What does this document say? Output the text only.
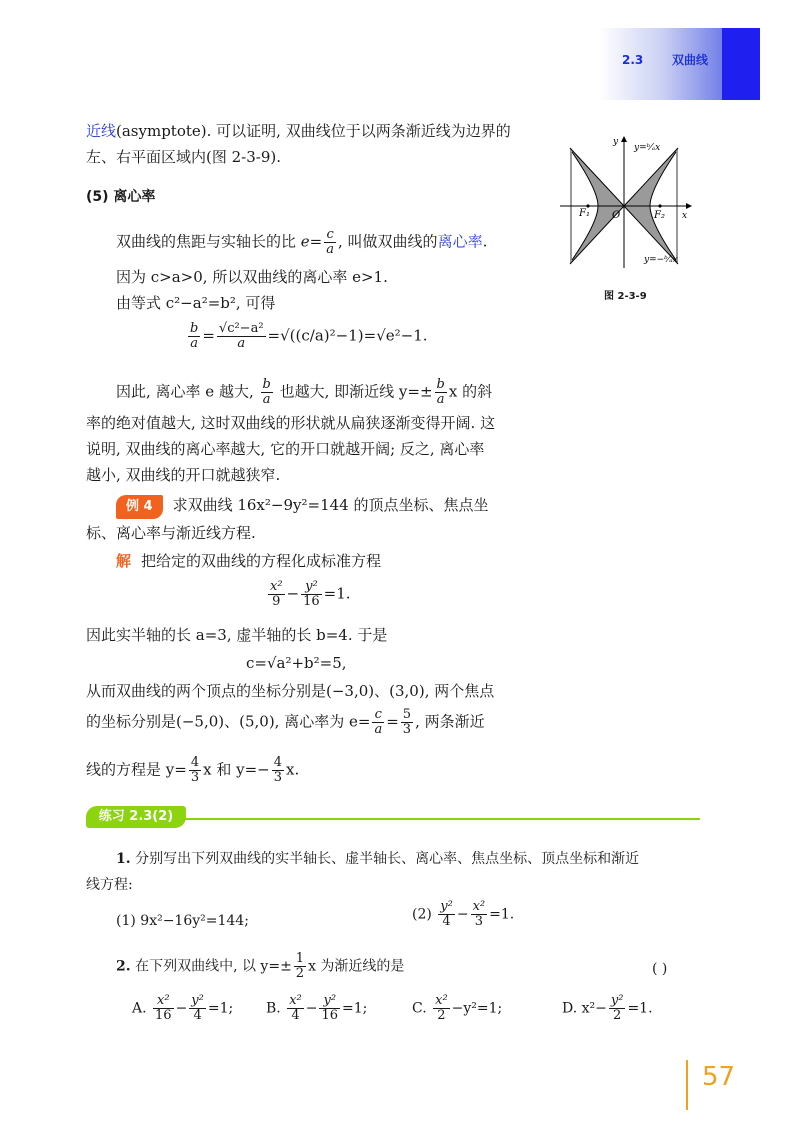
2.3 双曲线
近线(asymptote). 可以证明, 双曲线位于以两条渐近线为边界的
左、右平面区域内(图 2-3-9).
(5) 离心率
双曲线的焦距与实轴长的比 $e= \frac{c}{a}$ , 叫做双曲线的离心率.
因为 c>a>0, 所以双曲线的离心率 e>1.
由等式 c²−a²=b², 可得
$\frac{b}{a} = \frac{\text{√c²−a²}}{a} =√((c/a)^2-1)=√e^2-1$.
因此, 离心率 e 越大, $\frac{b}{a}$ 也越大, 即渐近线 $y=\pm \frac{b}{a}$ x 的斜
率的绝对值越大, 这时双曲线的形状就从扁狭逐渐变得开阔. 这
说明, 双曲线的离心率越大, 它的开口就越开阔; 反之, 离心率
越小, 双曲线的开口就越狭窄.
例 4 求双曲线 16x²−9y²=144 的顶点坐标、焦点坐
标、离心率与渐近线方程.
解 把给定的双曲线的方程化成标准方程
$\frac{\text{x²}}{9} - \frac{\text{y²}}{16} =1$.
因此实半轴的长 a=3, 虚半轴的长 b=4. 于是
c=√a²+b²=5,
从而双曲线的两个顶点的坐标分别是(−3,0)、(3,0), 两个焦点
的坐标分别是(−5,0)、(5,0), 离心率为 $e= \frac{c}{a} = \frac{5}{3}$ , 两条渐近
线的方程是 $y= \frac{4}{3}$ x 和 $y=- \frac{4}{3} x$.
y
x
O
F₁	F₂
y=ᵇ⁄ₐx
y=−ᵇ⁄ₐx
图 2-3-9
练习 2.3(2)
1. 分别写出下列双曲线的实半轴长、虚半轴长、离心率、焦点坐标、顶点坐标和渐近
线方程:
(1) 9x²−16y²=144;	$(2) \frac{\text{y²}}{4} - \frac{\text{x²}}{3} =1$.
2. 在下列双曲线中, 以 $y=\pm \frac{1}{2}$ x 为渐近线的是	( )
A. $\frac{\text{x²}}{16} - \frac{\text{y²}}{4} =1$; B. $\frac{\text{x²}}{4} - \frac{\text{y²}}{16} =1$;	C. $\frac{\text{x²}}{2} -y^2=1$;	D. $x^2- \frac{\text{y²}}{2} =1$.
57
